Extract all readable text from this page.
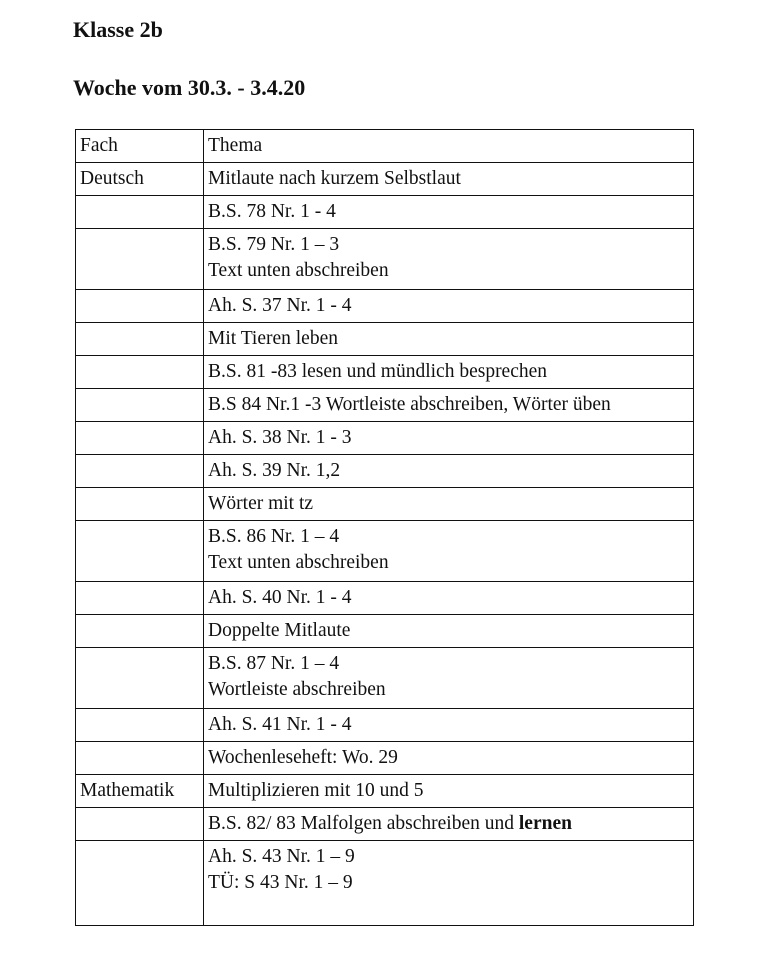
Klasse 2b
Woche vom 30.3. - 3.4.20
Fach	Thema
Deutsch	Mitlaute nach kurzem Selbstlaut

	B.S. 78 Nr. 1 - 4

	B.S. 79 Nr. 1 – 3
Text unten abschreiben

	Ah. S. 37 Nr. 1 - 4

	Mit Tieren leben

	B.S. 81 -83 lesen und mündlich besprechen

	B.S 84 Nr.1 -3 Wortleiste abschreiben, Wörter üben

	Ah. S. 38 Nr. 1 - 3

	Ah. S. 39 Nr. 1,2

	Wörter mit tz

	B.S. 86 Nr. 1 – 4
Text unten abschreiben

	Ah. S. 40 Nr. 1 - 4

	Doppelte Mitlaute

	B.S. 87 Nr. 1 – 4
Wortleiste abschreiben

	Ah. S. 41 Nr. 1 - 4

	Wochenleseheft: Wo. 29

Mathematik	Multiplizieren mit 10 und 5

	B.S. 82/ 83 Malfolgen abschreiben und lernen

	Ah. S. 43 Nr. 1 – 9
TÜ: S 43 Nr. 1 – 9
